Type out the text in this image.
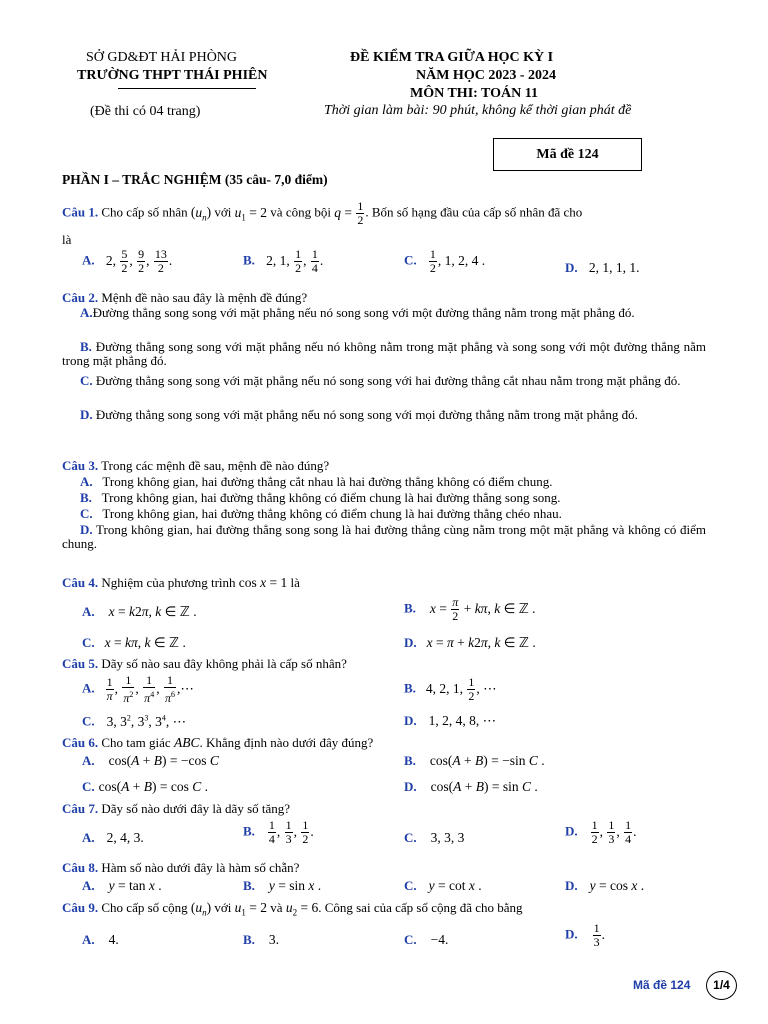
SỞ GD&ĐT HẢI PHÒNG
TRƯỜNG THPT THÁI PHIÊN
(Đề thi có 04 trang)
ĐỀ KIỂM TRA GIỮA HỌC KỲ I
NĂM HỌC 2023 - 2024
MÔN THI: TOÁN 11
Thời gian làm bài: 90 phút, không kể thời gian phát đề
Mã đề 124
PHẦN I – TRẮC NGHIỆM (35 câu- 7,0 điểm)
Câu 1. Cho cấp số nhân $(u_n)$ với $u_1 = 2$ và công bội $q = \frac{1}{2}$ . Bốn số hạng đầu của cấp số nhân đã cho
là
A. 2, $\frac{5}{2}$ , $\frac{9}{2}$ , $\frac{13}{2}$ .	B. 2, 1, $\frac{1}{2}$ , $\frac{1}{4}$ .	C. $\frac{1}{2}$ , 1, 2, 4 .	D. 2, 1, 1, 1.
Câu 2. Mệnh đề nào sau đây là mệnh đề đúng?
A.Đường thẳng song song với mặt phẳng nếu nó song song với một đường thẳng nằm trong mặt phẳng đó.
B. Đường thẳng song song với mặt phẳng nếu nó không nằm trong mặt phẳng và song song với một đường thẳng nằm trong mặt phẳng đó.
C. Đường thẳng song song với mặt phẳng nếu nó song song với hai đường thẳng cắt nhau nằm trong mặt phẳng đó.
D. Đường thẳng song song với mặt phẳng nếu nó song song với mọi đường thẳng nằm trong mặt phẳng đó.
Câu 3. Trong các mệnh đề sau, mệnh đề nào đúng?
A. Trong không gian, hai đường thẳng cắt nhau là hai đường thẳng không có điểm chung.
B. Trong không gian, hai đường thẳng không có điểm chung là hai đường thẳng song song.
C. Trong không gian, hai đường thẳng không có điểm chung là hai đường thẳng chéo nhau.
D. Trong không gian, hai đường thẳng song song là hai đường thẳng cùng nằm trong một mặt phẳng và không có điểm chung.
Câu 4. Nghiệm của phương trình cos x = 1 là
A. x = k2π, k ∈ ℤ .	B. $x = \frac{\pi}{2} + k\pi$, k ∈ ℤ .
C. x = kπ, k ∈ ℤ .	D. x = π + k2π, k ∈ ℤ .
Câu 5. Dãy số nào sau đây không phải là cấp số nhân?
A. $\frac{1}{\pi}$ , $\frac{1}{\pi^2}$ , $\frac{1}{\pi^4}$ , $\frac{1}{\pi^6}$ ,⋯	B. 4, 2, 1, $\frac{1}{2}$ , ⋯
C. 3, $3^2$, $3^3$, $3^4$, ⋯	D. 1, 2, 4, 8, ⋯
Câu 6. Cho tam giác ABC. Khẳng định nào dưới đây đúng?
A. cos(A + B) = −cos C	B. cos(A + B) = −sin C .
C. cos(A + B) = cos C .	D. cos(A + B) = sin C .
Câu 7. Dãy số nào dưới đây là dãy số tăng?
A. 2, 4, 3.	B. $\frac{1}{4}$ , $\frac{1}{3}$ , $\frac{1}{2}$ .	C. 3, 3, 3	D. $\frac{1}{2}$ , $\frac{1}{3}$ , $\frac{1}{4}$ .
Câu 8. Hàm số nào dưới đây là hàm số chẵn?
A. y = tan x .	B. y = sin x .	C. y = cot x .	D. y = cos x .
Câu 9. Cho cấp số cộng $(u_n)$ với $u_1 = 2$ và $u_2 = 6$. Công sai của cấp số cộng đã cho bằng
A. 4.	B. 3.	C. −4.	D. $\frac{1}{3}$ .
Mã đề 124	1/4
